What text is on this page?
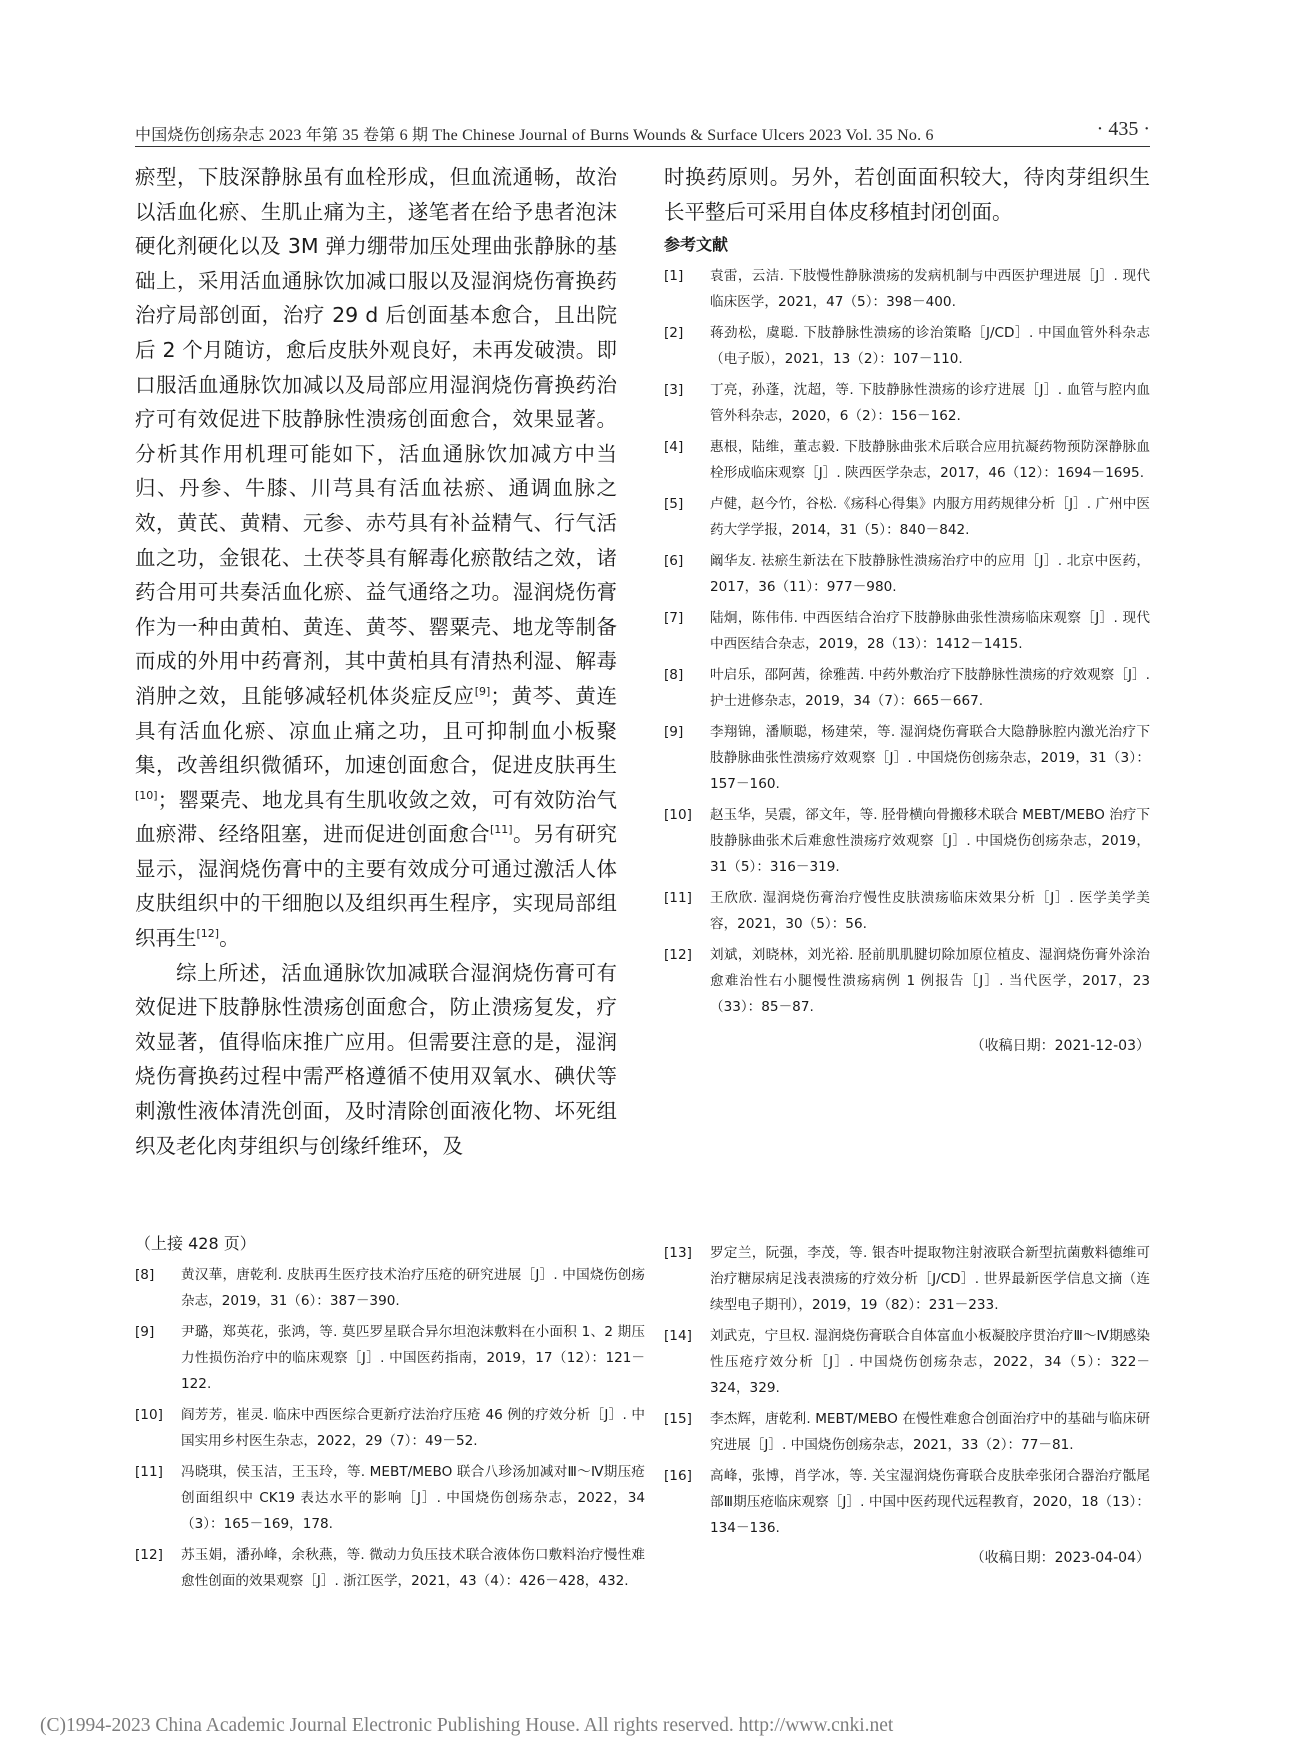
中国烧伤创疡杂志 2023 年第 35 卷第 6 期 The Chinese Journal of Burns Wounds & Surface Ulcers 2023 Vol. 35 No. 6	· 435 ·

瘀型，下肢深静脉虽有血栓形成，但血流通畅，故治以活血化瘀、生肌止痛为主，遂笔者在给予患者泡沫硬化剂硬化以及 3M 弹力绷带加压处理曲张静脉的基础上，采用活血通脉饮加减口服以及湿润烧伤膏换药治疗局部创面，治疗 29 d 后创面基本愈合，且出院后 2 个月随访，愈后皮肤外观良好，未再发破溃。即口服活血通脉饮加减以及局部应用湿润烧伤膏换药治疗可有效促进下肢静脉性溃疡创面愈合，效果显著。分析其作用机理可能如下，活血通脉饮加减方中当归、丹参、牛膝、川芎具有活血祛瘀、通调血脉之效，黄芪、黄精、元参、赤芍具有补益精气、行气活血之功，金银花、土茯苓具有解毒化瘀散结之效，诸药合用可共奏活血化瘀、益气通络之功。湿润烧伤膏作为一种由黄柏、黄连、黄芩、罂粟壳、地龙等制备而成的外用中药膏剂，其中黄柏具有清热利湿、解毒消肿之效，且能够减轻机体炎症反应[9]；黄芩、黄连具有活血化瘀、凉血止痛之功，且可抑制血小板聚集，改善组织微循环，加速创面愈合，促进皮肤再生[10]；罂粟壳、地龙具有生肌收敛之效，可有效防治气血瘀滞、经络阻塞，进而促进创面愈合[11]。另有研究显示，湿润烧伤膏中的主要有效成分可通过激活人体皮肤组织中的干细胞以及组织再生程序，实现局部组织再生[12]。

综上所述，活血通脉饮加减联合湿润烧伤膏可有效促进下肢静脉性溃疡创面愈合，防止溃疡复发，疗效显著，值得临床推广应用。但需要注意的是，湿润烧伤膏换药过程中需严格遵循不使用双氧水、碘伏等刺激性液体清洗创面，及时清除创面液化物、坏死组织及老化肉芽组织与创缘纤维环，及

时换药原则。另外，若创面面积较大，待肉芽组织生长平整后可采用自体皮移植封闭创面。

参考文献
[1] 袁雷，云洁. 下肢慢性静脉溃疡的发病机制与中西医护理进展［J］. 现代临床医学，2021，47（5）：398－400.
[2] 蒋劲松，虞聪. 下肢静脉性溃疡的诊治策略［J/CD］. 中国血管外科杂志（电子版），2021，13（2）：107－110.
[3] 丁亮，孙蓬，沈超，等. 下肢静脉性溃疡的诊疗进展［J］. 血管与腔内血管外科杂志，2020，6（2）：156－162.
[4] 惠根，陆维，董志毅. 下肢静脉曲张术后联合应用抗凝药物预防深静脉血栓形成临床观察［J］. 陕西医学杂志，2017，46（12）：1694－1695.
[5] 卢健，赵今竹，谷松.《疡科心得集》内服方用药规律分析［J］. 广州中医药大学学报，2014，31（5）：840－842.
[6] 阚华友. 祛瘀生新法在下肢静脉性溃疡治疗中的应用［J］. 北京中医药，2017，36（11）：977－980.
[7] 陆炯，陈伟伟. 中西医结合治疗下肢静脉曲张性溃疡临床观察［J］. 现代中西医结合杂志，2019，28（13）：1412－1415.
[8] 叶启乐，邵阿茜，徐雅茜. 中药外敷治疗下肢静脉性溃疡的疗效观察［J］. 护士进修杂志，2019，34（7）：665－667.
[9] 李翔锦，潘顺聪，杨建荣，等. 湿润烧伤膏联合大隐静脉腔内激光治疗下肢静脉曲张性溃疡疗效观察［J］. 中国烧伤创疡杂志，2019，31（3）：157－160.
[10] 赵玉华，吴震，郤文年，等. 胫骨横向骨搬移术联合 MEBT/MEBO 治疗下肢静脉曲张术后难愈性溃疡疗效观察［J］. 中国烧伤创疡杂志，2019，31（5）：316－319.
[11] 王欣欣. 湿润烧伤膏治疗慢性皮肤溃疡临床效果分析［J］. 医学美学美容，2021，30（5）：56.
[12] 刘斌，刘晓林，刘光裕. 胫前肌肌腱切除加原位植皮、湿润烧伤膏外涂治愈难治性右小腿慢性溃疡病例 1 例报告［J］. 当代医学，2017，23（33）：85－87.
（收稿日期：2021-12-03）
（上接 428 页）
[8] 黄汉華，唐乾利. 皮肤再生医疗技术治疗压疮的研究进展［J］. 中国烧伤创疡杂志，2019，31（6）：387－390.
[9] 尹璐，郑英花，张鸿，等. 莫匹罗星联合异尔坦泡沫敷料在小面积 1、2 期压力性损伤治疗中的临床观察［J］. 中国医药指南，2019，17（12）：121－122.
[10] 阎芳芳，崔灵. 临床中西医综合更新疗法治疗压疮 46 例的疗效分析［J］. 中国实用乡村医生杂志，2022，29（7）：49－52.
[11] 冯晓琪，侯玉洁，王玉玲，等. MEBT/MEBO 联合八珍汤加减对Ⅲ～Ⅳ期压疮创面组织中 CK19 表达水平的影响［J］. 中国烧伤创疡杂志，2022，34（3）：165－169，178.
[12] 苏玉娟，潘孙峰，余秋燕，等. 微动力负压技术联合液体伤口敷料治疗慢性难愈性创面的效果观察［J］. 浙江医学，2021，43（4）：426－428，432.
[13] 罗定兰，阮强，李茂，等. 银杏叶提取物注射液联合新型抗菌敷料德维可治疗糖尿病足浅表溃疡的疗效分析［J/CD］. 世界最新医学信息文摘（连续型电子期刊），2019，19（82）：231－233.
[14] 刘武克，宁旦权. 湿润烧伤膏联合自体富血小板凝胶序贯治疗Ⅲ～Ⅳ期感染性压疮疗效分析［J］. 中国烧伤创疡杂志，2022，34（5）：322－324，329.
[15] 李杰辉，唐乾利. MEBT/MEBO 在慢性难愈合创面治疗中的基础与临床研究进展［J］. 中国烧伤创疡杂志，2021，33（2）：77－81.
[16] 高峰，张博，肖学冰，等. 关宝湿润烧伤膏联合皮肤牵张闭合器治疗骶尾部Ⅲ期压疮临床观察［J］. 中国中医药现代远程教育，2020，18（13）：134－136.
（收稿日期：2023-04-04）
(C)1994-2023 China Academic Journal Electronic Publishing House. All rights reserved. http://www.cnki.net
